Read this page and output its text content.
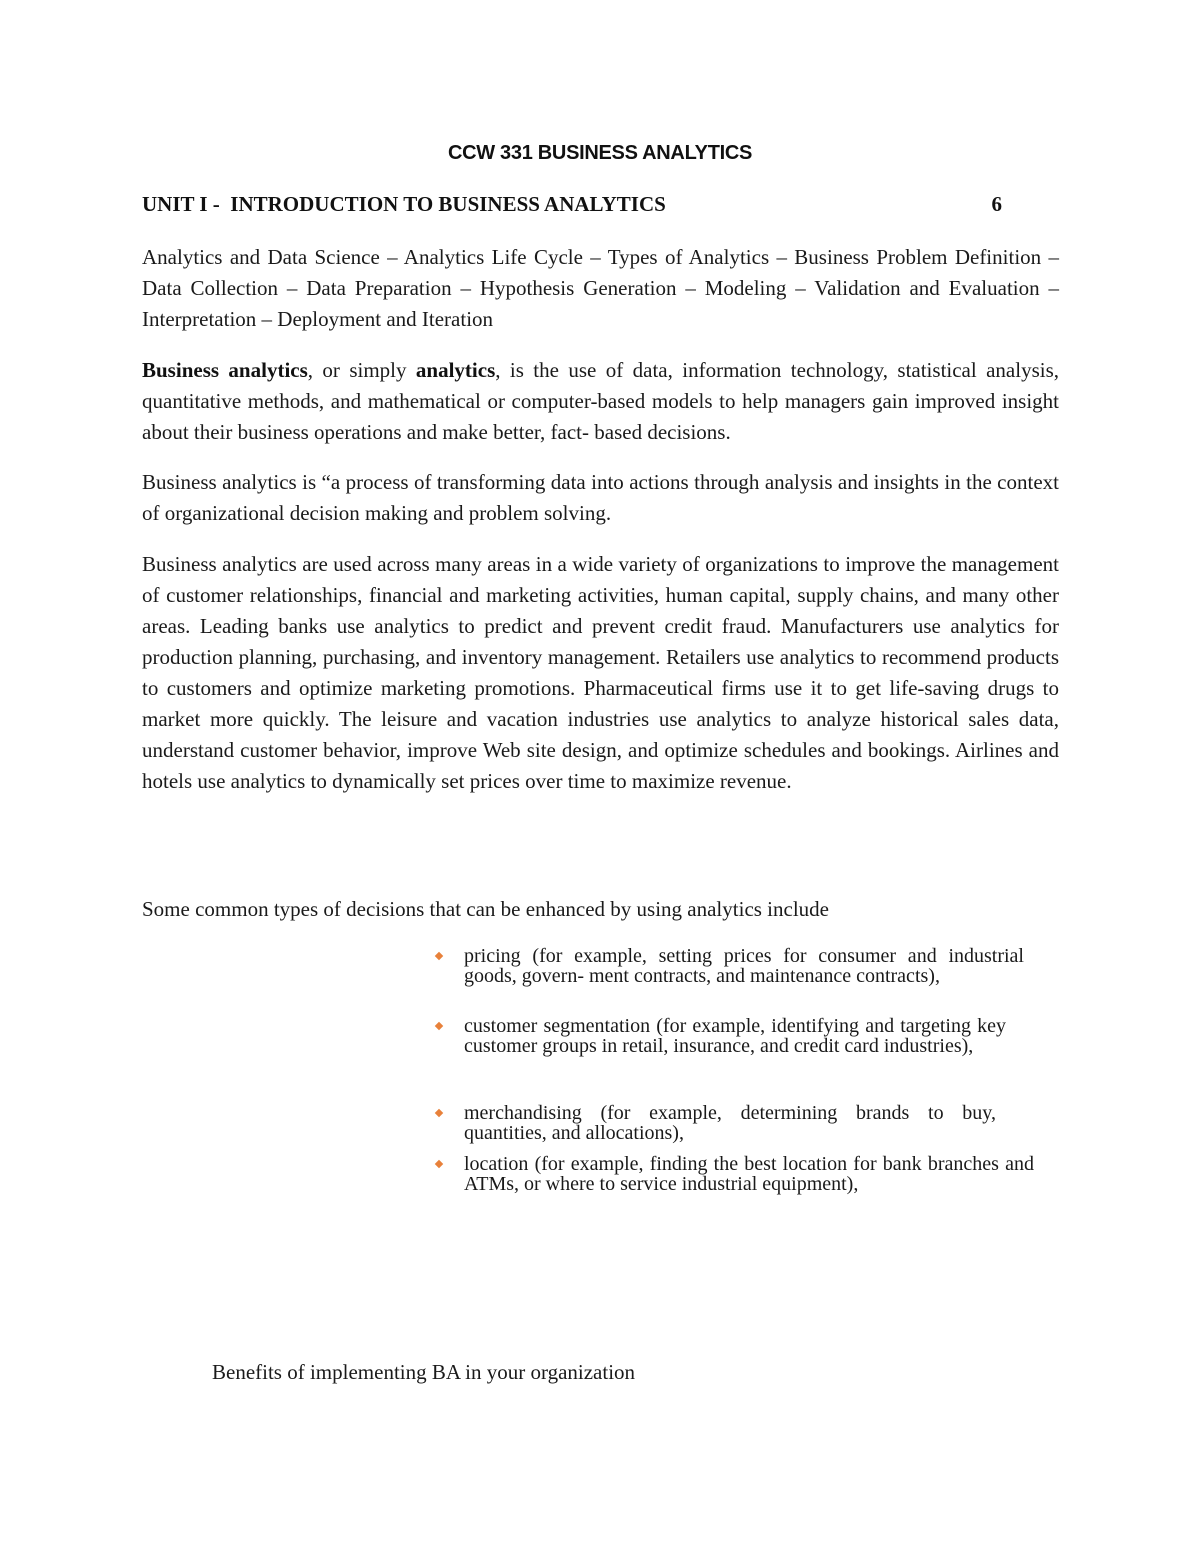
CCW 331 BUSINESS ANALYTICS
UNIT I -  INTRODUCTION TO BUSINESS ANALYTICS	6

Analytics and Data Science – Analytics Life Cycle – Types of Analytics – Business Problem Definition – Data Collection – Data Preparation – Hypothesis Generation – Modeling – Validation and Evaluation – Interpretation – Deployment and Iteration

Business analytics, or simply analytics, is the use of data, information technology, statistical analysis, quantitative methods, and mathematical or computer-based models to help managers gain improved insight about their business operations and make better, fact- based decisions.

Business analytics is “a process of transforming data into actions through analysis and insights in the context of organizational decision making and problem solving.

Business analytics are used across many areas in a wide variety of organizations to improve the management of customer relationships, financial and marketing activities, human capital, supply chains, and many other areas. Leading banks use analytics to predict and prevent credit fraud. Manufacturers use analytics for production planning, purchasing, and inventory management. Retailers use analytics to recommend products to customers and optimize marketing promotions. Pharmaceutical firms use it to get life-saving drugs to market more quickly. The leisure and vacation industries use analytics to analyze historical sales data, understand customer behavior, improve Web site design, and optimize schedules and bookings. Airlines and hotels use analytics to dynamically set prices over time to maximize revenue.

Some common types of decisions that can be enhanced by using analytics include

pricing (for example, setting prices for consumer and industrial goods, govern- ment contracts, and maintenance contracts),
customer segmentation (for example, identifying and targeting key customer groups in retail, insurance, and credit card industries),
merchandising (for example, determining brands to buy, quantities, and allocations),
location (for example, finding the best location for bank branches and ATMs, or where to service industrial equipment),
Benefits of implementing BA in your organization
